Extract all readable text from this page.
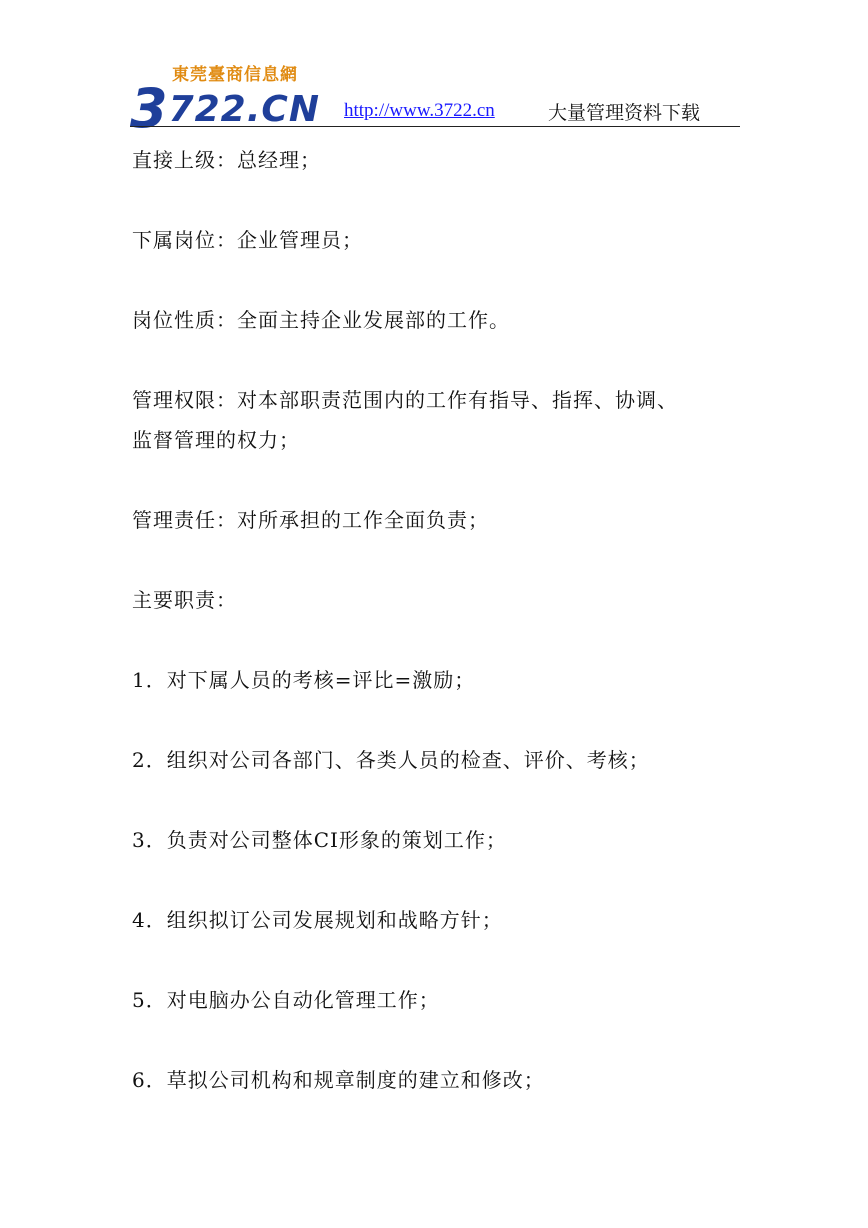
東莞臺商信息網
3722.CN http://www.3722.cn	大量管理资料下载
直接上级：总经理；
下属岗位：企业管理员；
岗位性质：全面主持企业发展部的工作。
管理权限：对本部职责范围内的工作有指导、指挥、协调、
监督管理的权力；
管理责任：对所承担的工作全面负责；
主要职责：
1．对下属人员的考核=评比=激励；
2．组织对公司各部门、各类人员的检查、评价、考核；
3．负责对公司整体CI形象的策划工作；
4．组织拟订公司发展规划和战略方针；
5．对电脑办公自动化管理工作；
6．草拟公司机构和规章制度的建立和修改；
